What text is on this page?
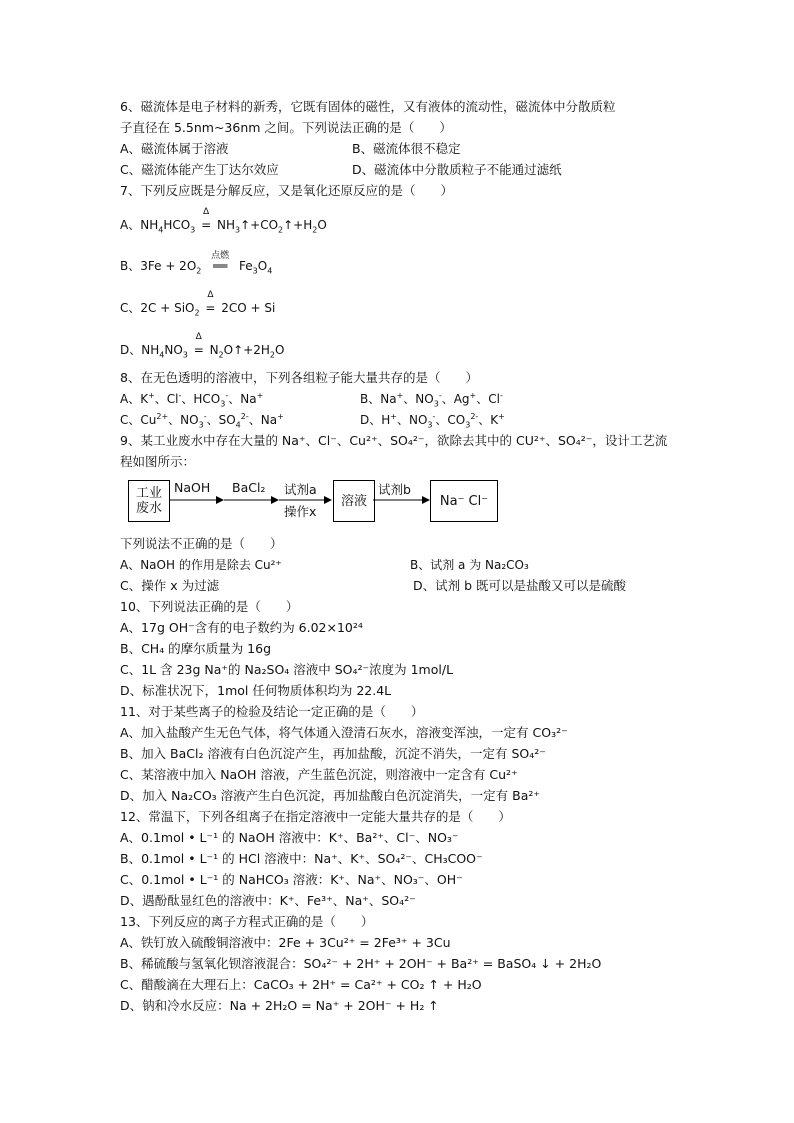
6、磁流体是电子材料的新秀，它既有固体的磁性，又有液体的流动性，磁流体中分散质粒
子直径在 5.5nm~36nm 之间。下列说法正确的是（　　）
A、磁流体属于溶液	B、磁流体很不稳定
C、磁流体能产生丁达尔效应	D、磁流体中分散质粒子不能通过滤纸
7、下列反应既是分解反应，又是氧化还原反应的是（　　）
A、$NH_4HCO_3$
Δ
= $NH_3↑+CO_2↑+H_2O$
B、$3Fe + 2O_2$
点燃
══ $Fe_3O_4$
C、2C + SiO$_2$
Δ
= 2CO + Si
D、$NH_4NO_3$
Δ
= $N_2O↑+2H_2O$
8、在无色透明的溶液中，下列各组粒子能大量共存的是（　　）
A、K+、Cl-、$HCO_3^-$、Na+	B、Na+、$NO_3^-$、Ag+、Cl-
C、$Cu^{2+}$、$NO_3^-$、$SO_4^{2-}$、Na+	D、H+、$NO_3^-$、$CO_3^{2-}$、K+
9、某工业废水中存在大量的 Na⁺、Cl⁻、Cu²⁺、SO₄²⁻，欲除去其中的 CU²⁺、SO₄²⁻，设计工艺流
程如图所示：
工业
废水
NaOH BaCl₂ 试剂a
操作x
溶液
试剂b
Na⁻ Cl⁻
下列说法不正确的是（　　）
A、NaOH 的作用是除去 Cu²⁺	B、试剂 a 为 Na₂CO₃
C、操作 x 为过滤	D、试剂 b 既可以是盐酸又可以是硫酸
10、下列说法正确的是（　　）
A、17g OH⁻含有的电子数约为 6.02×10²⁴
B、CH₄ 的摩尔质量为 16g
C、1L 含 23g Na⁺的 Na₂SO₄ 溶液中 SO₄²⁻浓度为 1mol/L
D、标准状况下，1mol 任何物质体积均为 22.4L
11、对于某些离子的检验及结论一定正确的是（　　）
A、加入盐酸产生无色气体，将气体通入澄清石灰水，溶液变浑浊，一定有 CO₃²⁻
B、加入 BaCl₂ 溶液有白色沉淀产生，再加盐酸，沉淀不消失，一定有 SO₄²⁻
C、某溶液中加入 NaOH 溶液，产生蓝色沉淀，则溶液中一定含有 Cu²⁺
D、加入 Na₂CO₃ 溶液产生白色沉淀，再加盐酸白色沉淀消失，一定有 Ba²⁺
12、常温下，下列各组离子在指定溶液中一定能大量共存的是（　　）
A、0.1mol • L⁻¹ 的 NaOH 溶液中：K⁺、Ba²⁺、Cl⁻、NO₃⁻
B、0.1mol • L⁻¹ 的 HCl 溶液中：Na⁺、K⁺、SO₄²⁻、CH₃COO⁻
C、0.1mol • L⁻¹ 的 NaHCO₃ 溶液：K⁺、Na⁺、NO₃⁻、OH⁻
D、遇酚酞显红色的溶液中：K⁺、Fe³⁺、Na⁺、SO₄²⁻
13、下列反应的离子方程式正确的是（　　）
A、铁钉放入硫酸铜溶液中：2Fe + 3Cu²⁺ = 2Fe³⁺ + 3Cu
B、稀硫酸与氢氧化钡溶液混合：SO₄²⁻ + 2H⁺ + 2OH⁻ + Ba²⁺ = BaSO₄ ↓ + 2H₂O
C、醋酸滴在大理石上：CaCO₃ + 2H⁺ = Ca²⁺ + CO₂ ↑ + H₂O
D、钠和冷水反应：Na + 2H₂O = Na⁺ + 2OH⁻ + H₂ ↑
